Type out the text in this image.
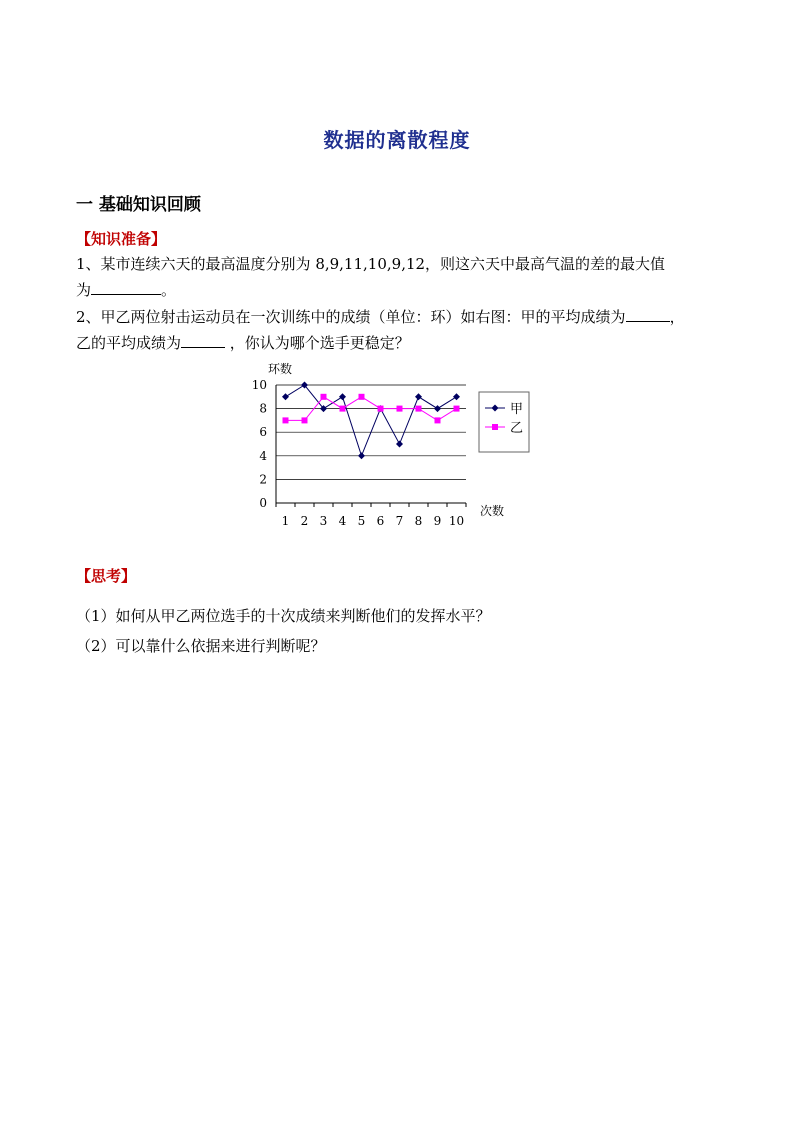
数据的离散程度
一 基础知识回顾
【知识准备】
1、某市连续六天的最高温度分别为 8,9,11,10,9,12，则这六天中最高气温的差的最大值
为	。
2、甲乙两位射击运动员在一次训练中的成绩（单位：环）如右图：甲的平均成绩为	，
乙的平均成绩为	，你认为哪个选手更稳定？
环数
0
2
4
6
8
10
1 2 3 4 5 6 7 8 9 10
次数
甲
乙
【思考】
（1）如何从甲乙两位选手的十次成绩来判断他们的发挥水平？
（2）可以靠什么依据来进行判断呢？
